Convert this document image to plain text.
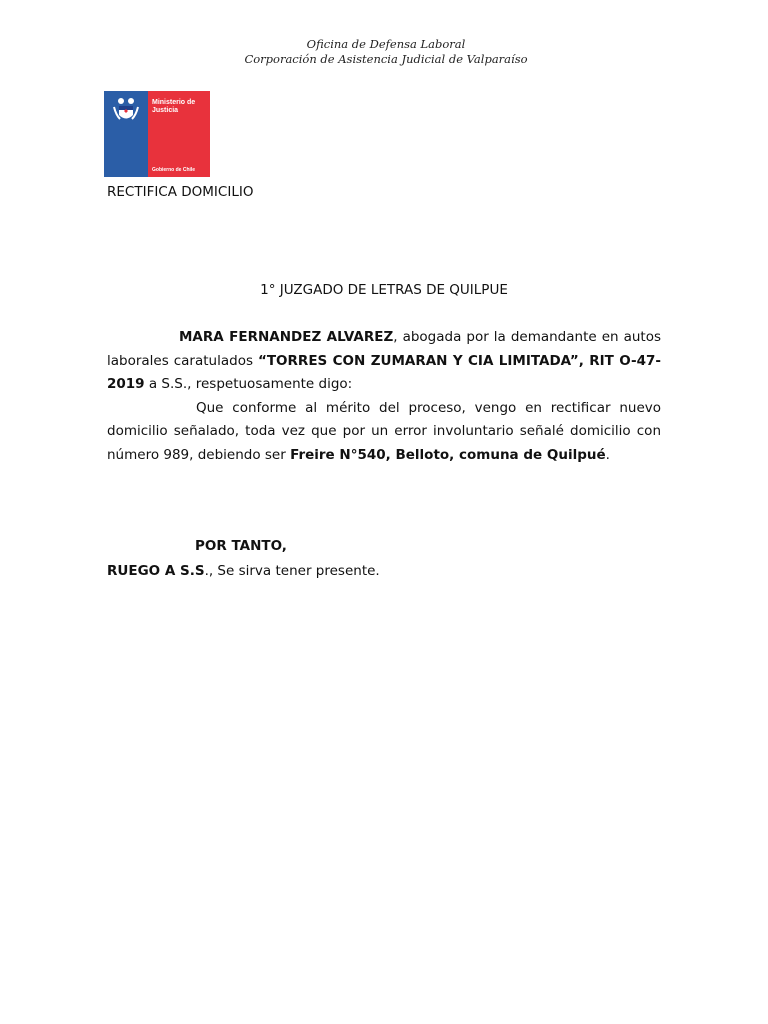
Oficina de Defensa Laboral
Corporación de Asistencia Judicial de Valparaíso
Ministerio de
Justicia
Gobierno de Chile
RECTIFICA DOMICILIO
1° JUZGADO DE LETRAS DE QUILPUE

MARA FERNANDEZ ALVAREZ, abogada por la demandante en autos laborales caratulados “TORRES CON ZUMARAN Y CIA LIMITADA”, RIT O-47-2019 a S.S., respetuosamente digo:

Que conforme al mérito del proceso, vengo en rectificar nuevo domicilio señalado, toda vez que por un error involuntario señalé domicilio con número 989, debiendo ser Freire N°540, Belloto, comuna de Quilpué.

POR TANTO,
RUEGO A S.S., Se sirva tener presente.
